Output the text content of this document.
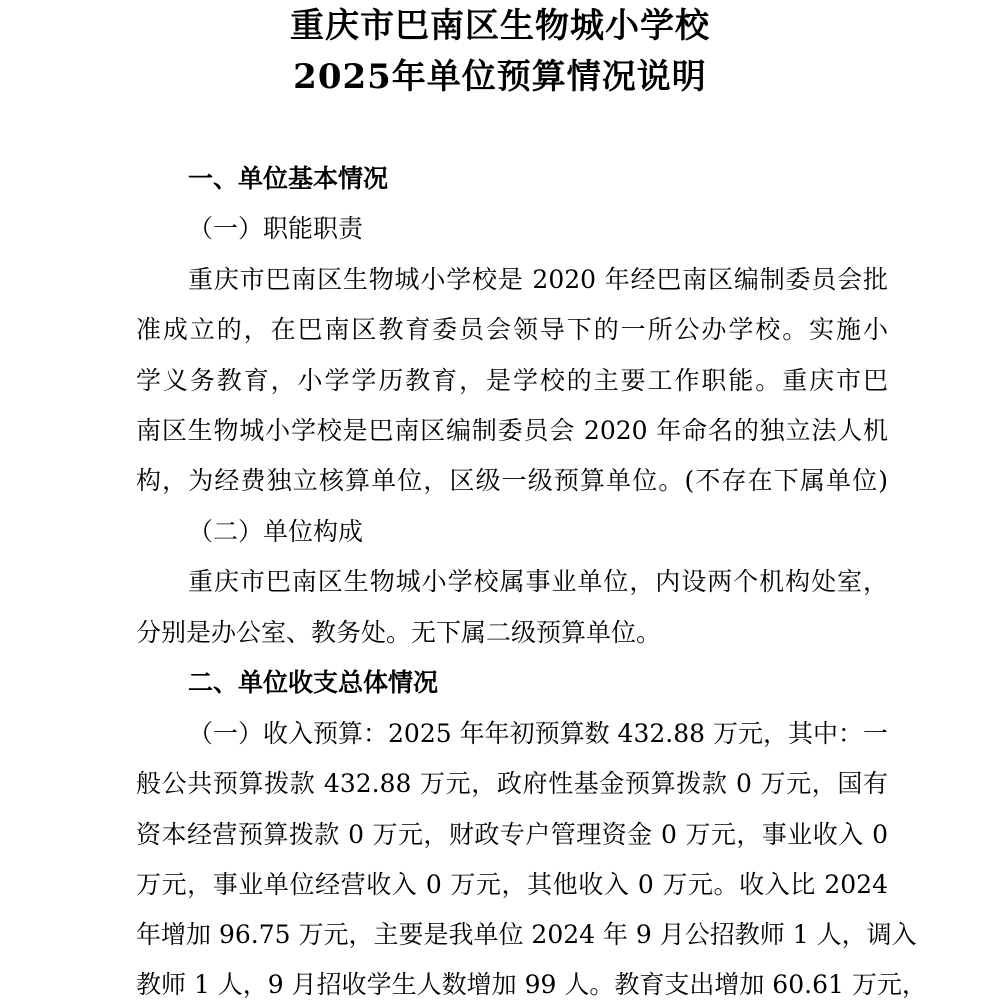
重庆市巴南区生物城小学校
2025年单位预算情况说明

一、单位基本情况

（一）职能职责

重庆市巴南区生物城小学校是 2020 年经巴南区编制委员会批

准成立的，在巴南区教育委员会领导下的一所公办学校。实施小

学义务教育，小学学历教育，是学校的主要工作职能。重庆市巴

南区生物城小学校是巴南区编制委员会 2020 年命名的独立法人机

构，为经费独立核算单位，区级一级预算单位。(不存在下属单位)

（二）单位构成

重庆市巴南区生物城小学校属事业单位，内设两个机构处室，

分别是办公室、教务处。无下属二级预算单位。

二、单位收支总体情况

（一）收入预算：2025 年年初预算数 432.88 万元，其中：一

般公共预算拨款 432.88 万元，政府性基金预算拨款 0 万元，国有

资本经营预算拨款 0 万元，财政专户管理资金 0 万元，事业收入 0

万元，事业单位经营收入 0 万元，其他收入 0 万元。收入比 2024

年增加 96.75 万元，主要是我单位 2024 年 9 月公招教师 1 人，调入

教师 1 人，9 月招收学生人数增加 99 人。教育支出增加 60.61 万元，
